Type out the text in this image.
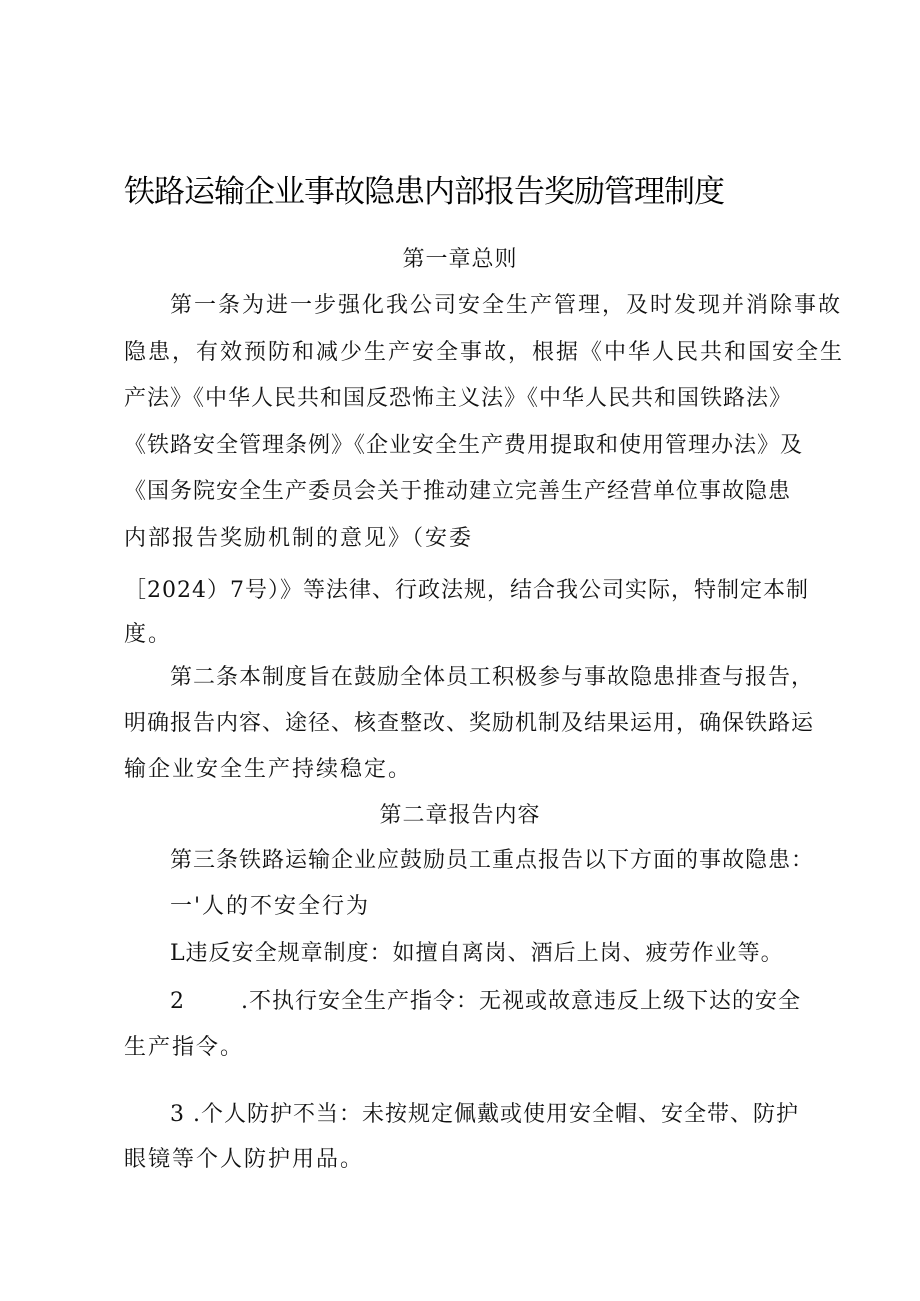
铁路运输企业事故隐患内部报告奖励管理制度
第一章总则
第一条为进一步强化我公司安全生产管理，及时发现并消除事故
隐患，有效预防和减少生产安全事故，根据《中华人民共和国安全生
产法》《中华人民共和国反恐怖主义法》《中华人民共和国铁路法》
《铁路安全管理条例》《企业安全生产费用提取和使用管理办法》及
《国务院安全生产委员会关于推动建立完善生产经营单位事故隐患
内部报告奖励机制的意见》（安委
［2024）7号）》等法律、行政法规，结合我公司实际，特制定本制
度。
第二条本制度旨在鼓励全体员工积极参与事故隐患排查与报告，
明确报告内容、途径、核查整改、奖励机制及结果运用，确保铁路运
输企业安全生产持续稳定。
第二章报告内容
第三条铁路运输企业应鼓励员工重点报告以下方面的事故隐患：
一'人的不安全行为
L违反安全规章制度：如擅自离岗、酒后上岗、疲劳作业等。
2       .不执行安全生产指令：无视或故意违反上级下达的安全
生产指令。
3 .个人防护不当：未按规定佩戴或使用安全帽、安全带、防护
眼镜等个人防护用品。
